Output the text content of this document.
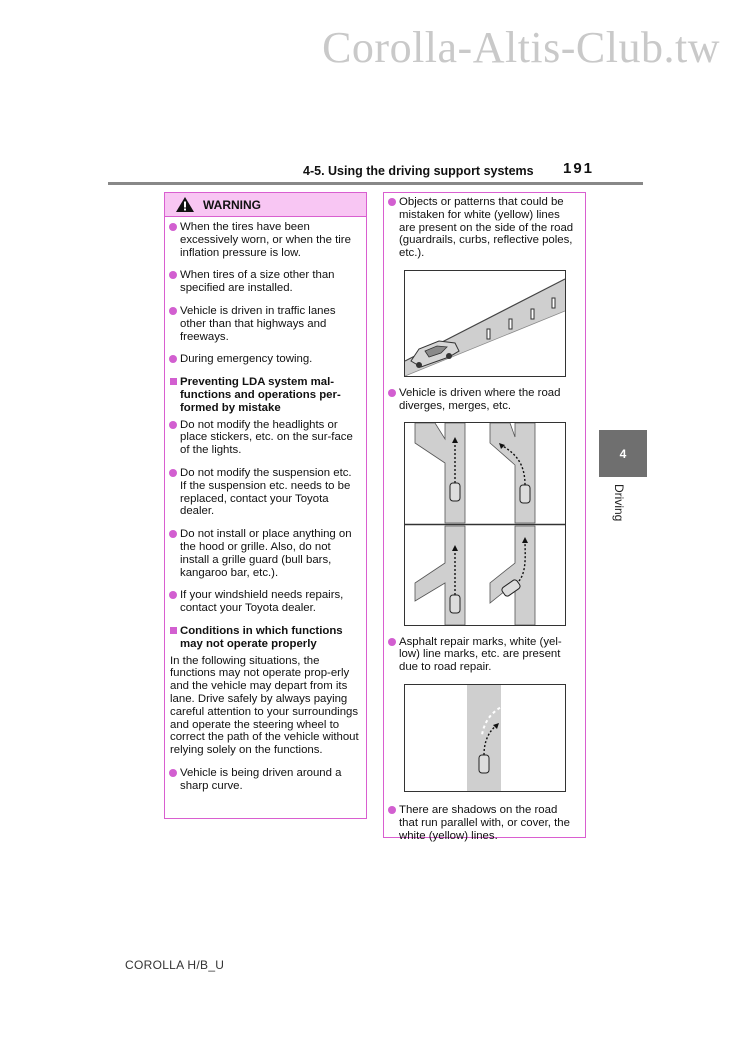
Corolla-Altis-Club.tw
4-5. Using the driving support systems 191
4
Driving
WARNING
When the tires have been excessively worn, or when the tire inflation pressure is low.
When tires of a size other than specified are installed.
Vehicle is driven in traffic lanes other than that highways and freeways.
During emergency towing.
Preventing LDA system mal-functions and operations per-formed by mistake
Do not modify the headlights or place stickers, etc. on the sur-face of the lights.
Do not modify the suspension etc. If the suspension etc. needs to be replaced, contact your Toyota dealer.
Do not install or place anything on the hood or grille. Also, do not install a grille guard (bull bars, kangaroo bar, etc.).
If your windshield needs repairs, contact your Toyota dealer.
Conditions in which functions may not operate properly
In the following situations, the functions may not operate prop-erly and the vehicle may depart from its lane. Drive safely by always paying careful attention to your surroundings and operate the steering wheel to correct the path of the vehicle without relying solely on the functions.
Vehicle is being driven around a sharp curve.
Objects or patterns that could be mistaken for white (yellow) lines are present on the side of the road (guardrails, curbs, reflective poles, etc.).
Vehicle is driven where the road diverges, merges, etc.
Asphalt repair marks, white (yel-low) line marks, etc. are present due to road repair.
There are shadows on the road that run parallel with, or cover, the white (yellow) lines.
COROLLA H/B_U
